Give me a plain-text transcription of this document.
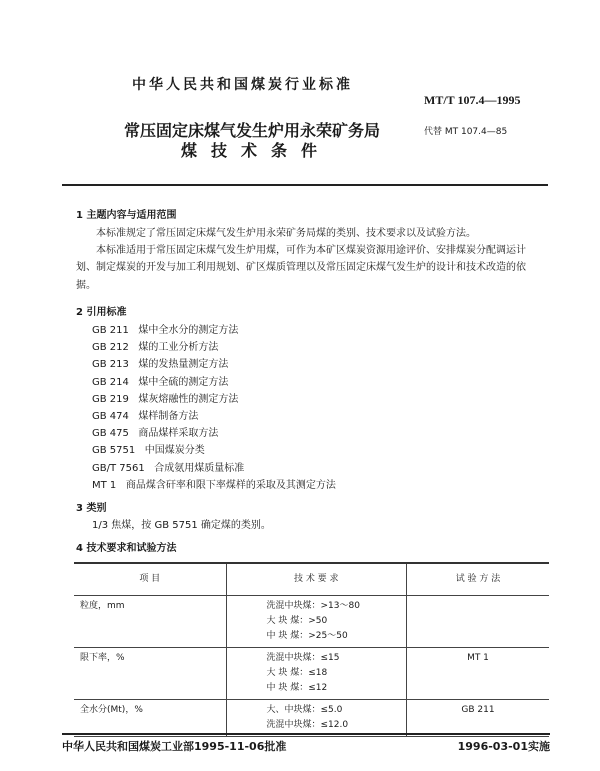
中华人民共和国煤炭行业标准
MT/T 107.4—1995
常压固定床煤气发生炉用永荣矿务局
煤技术条件
代替 MT 107.4—85
1 主题内容与适用范围
本标准规定了常压固定床煤气发生炉用永荣矿务局煤的类别、技术要求以及试验方法。
本标准适用于常压固定床煤气发生炉用煤，可作为本矿区煤炭资源用途评价、安排煤炭分配调运计
划、制定煤炭的开发与加工利用规划、矿区煤质管理以及常压固定床煤气发生炉的设计和技术改造的依
据。
2 引用标准
GB 211 煤中全水分的测定方法
GB 212 煤的工业分析方法
GB 213 煤的发热量测定方法
GB 214 煤中全硫的测定方法
GB 219 煤灰熔融性的测定方法
GB 474 煤样制备方法
GB 475 商品煤样采取方法
GB 5751 中国煤炭分类
GB/T 7561 合成氨用煤质量标准
MT 1 商品煤含矸率和限下率煤样的采取及其测定方法
3 类别
1/3 焦煤，按 GB 5751 确定煤的类别。
4 技术要求和试验方法
项 目	技 术 要 求	试 验 方 法
粒度，mm	洗混中块煤：>13～80
大 块 煤：>50
中 块 煤：>25～50	

限下率，%	洗混中块煤：≤15
大 块 煤：≤18
中 块 煤：≤12	MT 1
全水分(Mt)，%	大、中块煤：≤5.0
洗混中块煤：≤12.0	GB 211
中华人民共和国煤炭工业部1995-11-06批准	1996-03-01实施
